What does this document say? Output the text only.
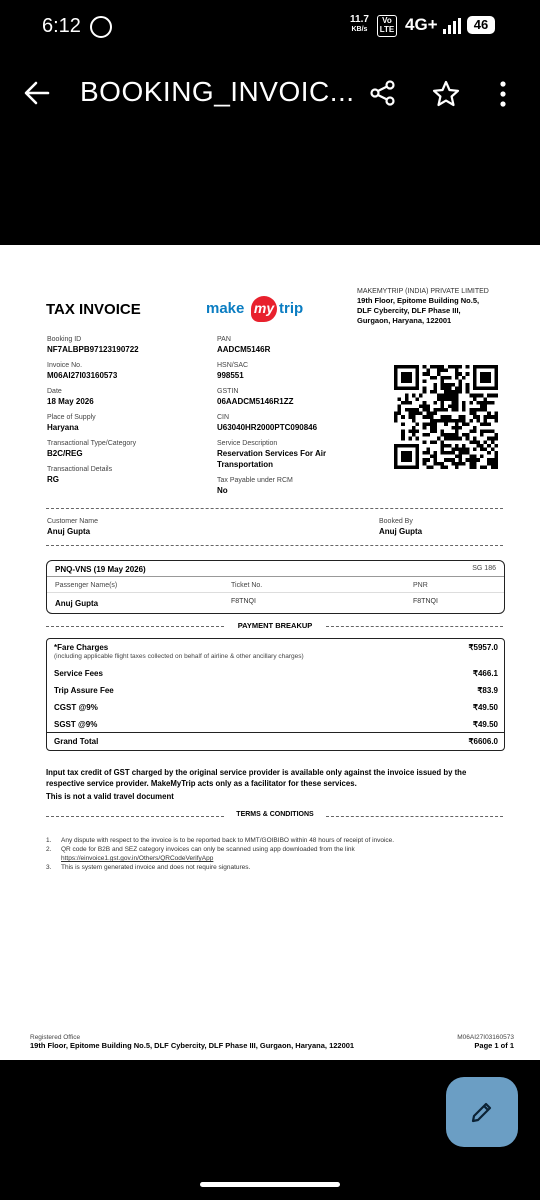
6:12	11.7
KB/s
Vo
LTE 4G+	46
BOOKING_INVOIC...
TAX INVOICE	make my trip
MAKEMYTRIP (INDIA) PRIVATE LIMITED
19th Floor, Epitome Building No.5,
DLF Cybercity, DLF Phase III,
Gurgaon, Haryana, 122001
Booking ID
NF7ALBPB97123190722
Invoice No.
M06AI27I03160573
Date
18 May 2026
Place of Supply
Haryana
Transactional Type/Category
B2C/REG
Transactional Details
RG
PAN
AADCM5146R
HSN/SAC
998551
GSTIN
06AADCM5146R1ZZ
CIN
U63040HR2000PTC090846
Service Description
Reservation Services For Air
Transportation
Tax Payable under RCM
No
Customer Name
Anuj Gupta
Booked By
Anuj Gupta
PNQ-VNS (19 May 2026)	SG 186
Passenger Name(s)	Ticket No.	PNR
Anuj Gupta	F8TNQI	F8TNQI
PAYMENT BREAKUP
*Fare Charges	₹5957.0
(including applicable flight taxes collected on behalf of airline & other ancillary charges)
Service Fees	₹466.1
Trip Assure Fee	₹83.9
CGST @9%	₹49.50
SGST @9%	₹49.50
Grand Total	₹6606.0
Input tax credit of GST charged by the original service provider is available only against the invoice issued by the
respective service provider. MakeMyTrip acts only as a facilitator for these services.
This is not a valid travel document
TERMS & CONDITIONS
1. Any dispute with respect to the invoice is to be reported back to MMT/GOIBIBO within 48 hours of receipt of invoice.
2. QR code for B2B and SEZ category invoices can only be scanned using app downloaded from the link
https://einvoice1.gst.gov.in/Others/QRCodeVerifyApp
3. This is system generated invoice and does not require signatures.
Registered Office
19th Floor, Epitome Building No.5, DLF Cybercity, DLF Phase III, Gurgaon, Haryana, 122001
M06AI27I03160573
Page 1 of 1
